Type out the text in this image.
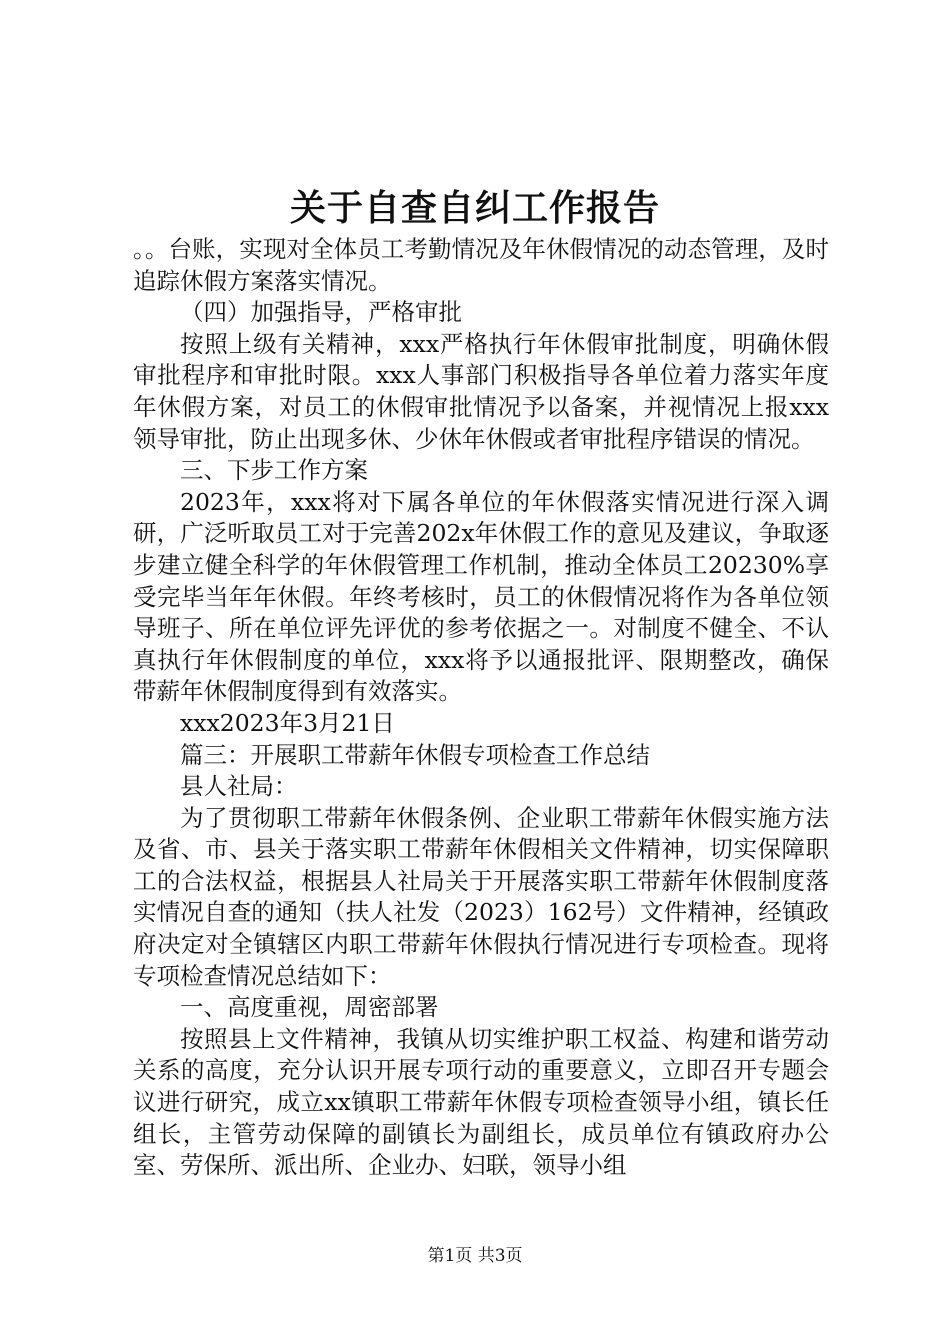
关于自查自纠工作报告

。。台账，实现对全体员工考勤情况及年休假情况的动态管理，及时追踪休假方案落实情况。

（四）加强指导，严格审批

按照上级有关精神，xxx严格执行年休假审批制度，明确休假审批程序和审批时限。xxx人事部门积极指导各单位着力落实年度年休假方案，对员工的休假审批情况予以备案，并视情况上报xxx领导审批，防止出现多休、少休年休假或者审批程序错误的情况。

三、下步工作方案

2023年，xxx将对下属各单位的年休假落实情况进行深入调研，广泛听取员工对于完善202x年休假工作的意见及建议，争取逐步建立健全科学的年休假管理工作机制，推动全体员工20230%享受完毕当年年休假。年终考核时，员工的休假情况将作为各单位领导班子、所在单位评先评优的参考依据之一。对制度不健全、不认真执行年休假制度的单位，xxx将予以通报批评、限期整改，确保带薪年休假制度得到有效落实。

xxx2023年3月21日

篇三：开展职工带薪年休假专项检查工作总结

县人社局：

为了贯彻职工带薪年休假条例、企业职工带薪年休假实施方法及省、市、县关于落实职工带薪年休假相关文件精神，切实保障职工的合法权益，根据县人社局关于开展落实职工带薪年休假制度落实情况自查的通知（扶人社发（2023）162号）文件精神，经镇政府决定对全镇辖区内职工带薪年休假执行情况进行专项检查。现将专项检查情况总结如下：

一、高度重视，周密部署

按照县上文件精神，我镇从切实维护职工权益、构建和谐劳动关系的高度，充分认识开展专项行动的重要意义，立即召开专题会议进行研究，成立xx镇职工带薪年休假专项检查领导小组，镇长任组长，主管劳动保障的副镇长为副组长，成员单位有镇政府办公室、劳保所、派出所、企业办、妇联，领导小组

第1页 共3页
